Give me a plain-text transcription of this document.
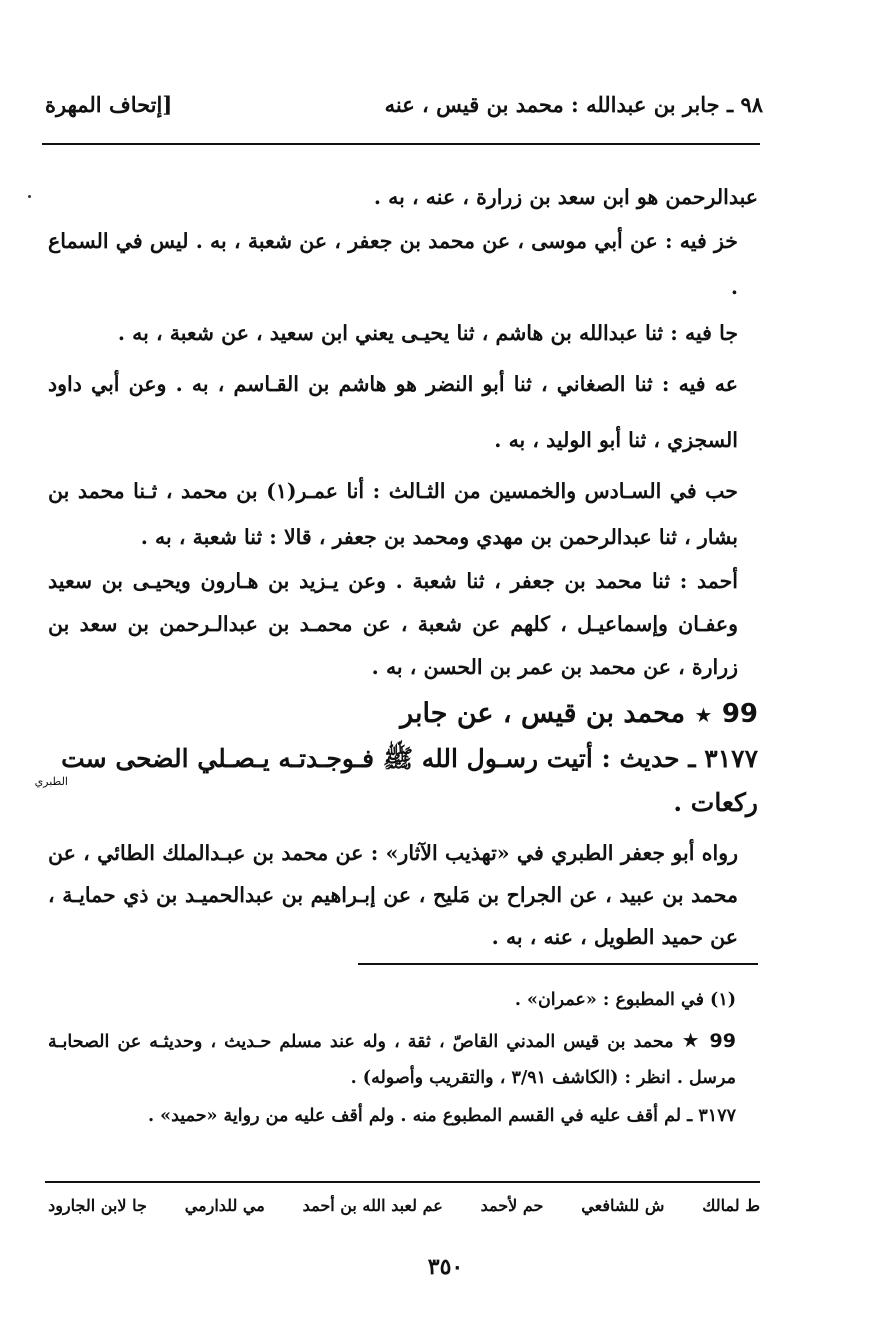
٩٨ ـ جابر بن عبدالله : محمد بن قيس ، عنه
[إتحاف المهرة

عبدالرحمن هو ابن سعد بن زرارة ، عنه ، به .

خز فيه : عن أبي موسى ، عن محمد بن جعفر ، عن شعبة ، به . ليس في السماع .

جا فيه : ثنا عبدالله بن هاشم ، ثنا يحيـى يعني ابن سعيد ، عن شعبة ، به .

عه فيه : ثنا الصغاني ، ثنا أبو النضر هو هاشم بن القـاسم ، به . وعن أبي داود السجزي ، ثنا أبو الوليد ، به .

حب في السـادس والخمسين من الثـالث : أنا عمـر(١) بن محمد ، ثـنا محمد بن بشار ، ثنا عبدالرحمن بن مهدي ومحمد بن جعفر ، قالا : ثنا شعبة ، به .

أحمد : ثنا محمد بن جعفر ، ثنا شعبة . وعن يـزيد بن هـارون ويحيـى بن سعيد وعفـان وإسماعيـل ، كلهم عن شعبة ، عن محمـد بن عبدالـرحمن بن سعد بن زرارة ، عن محمد بن عمر بن الحسن ، به .

99 ★ محمد بن قيس ، عن جابر

٣١٧٧ ـ حديث : أتيت رسـول الله ﷺ فـوجـدتـه يـصـلي الضحى ست
الطبري
ركعات .

رواه أبو جعفر الطبري في «تهذيب الآثار» : عن محمد بن عبـدالملك الطائي ، عن محمد بن عبيد ، عن الجراح بن مَليح ، عن إبـراهيم بن عبدالحميـد بن ذي حمايـة ، عن حميد الطويل ، عنه ، به .

(١) في المطبوع : «عمران» .

99 ★ محمد بن قيس المدني القاصّ ، ثقة ، وله عند مسلم حـديث ، وحديثـه عن الصحابـة مرسل . انظر : (الكاشف ٣/٩١ ، والتقريب وأصوله) .

٣١٧٧ ـ لم أقف عليه في القسم المطبوع منه . ولم أقف عليه من رواية «حميد» .

ط لمالك
ش للشافعي
حم لأحمد
عم لعبد الله بن أحمد
مي للدارمي
جا لابن الجارود
٣٥٠
